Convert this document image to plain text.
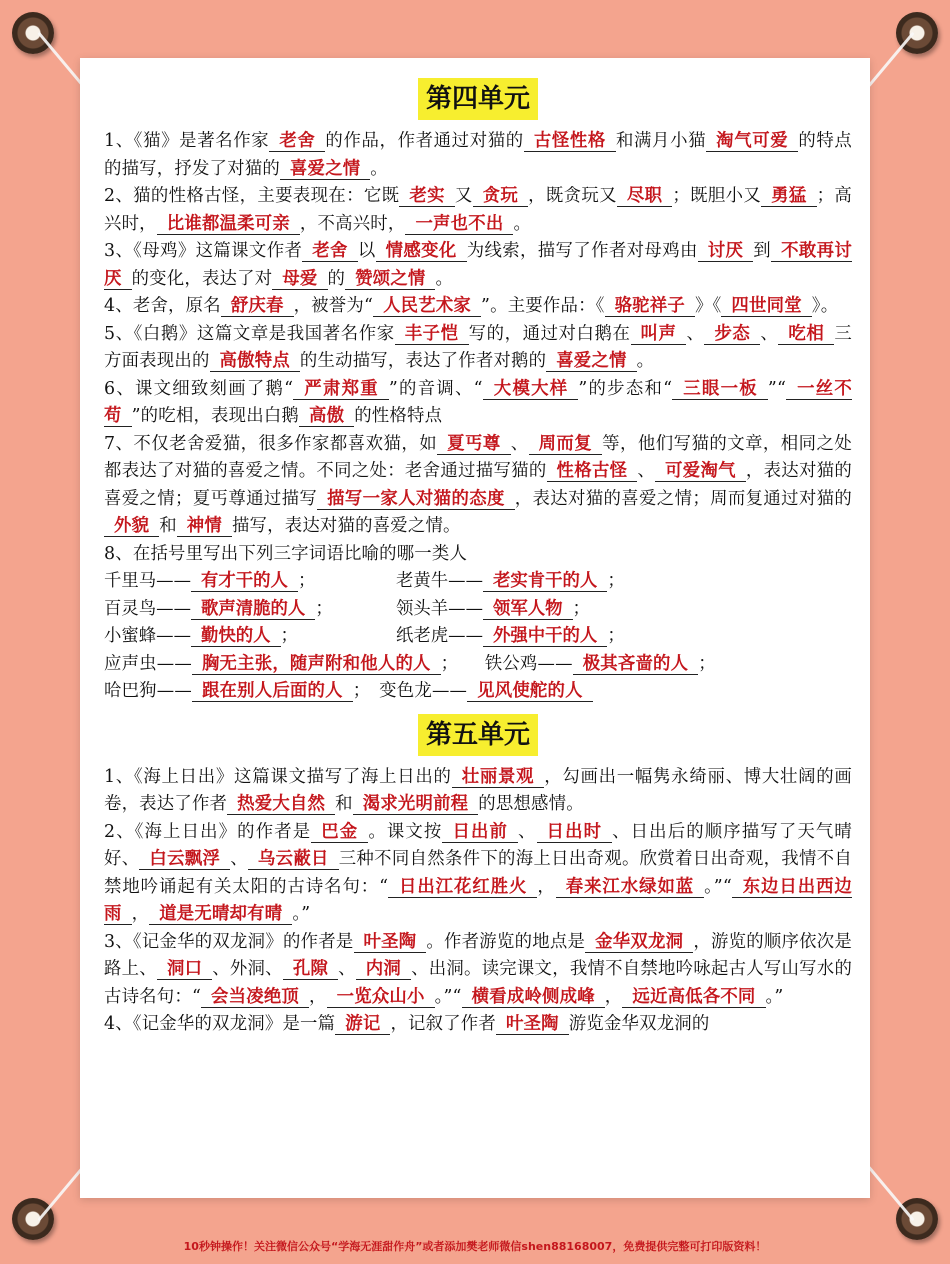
第四单元

1、《猫》是著名作家 老舍 的作品，作者通过对猫的 古怪性格 和满月小猫 淘气可爱 的特点的描写，抒发了对猫的 喜爱之情 。

2、猫的性格古怪，主要表现在：它既 老实 又 贪玩 ，既贪玩又 尽职 ；既胆小又 勇猛 ；高兴时， 比谁都温柔可亲 ，不高兴时， 一声也不出 。

3、《母鸡》这篇课文作者 老舍 以 情感变化 为线索，描写了作者对母鸡由 讨厌 到 不敢再讨厌 的变化，表达了对 母爱 的 赞颂之情 。

4、老舍，原名 舒庆春 ，被誉为“ 人民艺术家 ”。主要作品：《 骆驼祥子 》《 四世同堂 》。

5、《白鹅》这篇文章是我国著名作家 丰子恺 写的，通过对白鹅在 叫声 、 步态 、 吃相 三方面表现出的 高傲特点 的生动描写，表达了作者对鹅的 喜爱之情 。

6、课文细致刻画了鹅“ 严肃郑重 ”的音调、“ 大模大样 ”的步态和“ 三眼一板 ”“ 一丝不苟 ”的吃相，表现出白鹅 高傲 的性格特点

7、不仅老舍爱猫，很多作家都喜欢猫，如 夏丐尊 、 周而复 等，他们写猫的文章，相同之处都表达了对猫的喜爱之情。不同之处：老舍通过描写猫的 性格古怪 、 可爱淘气 ，表达对猫的喜爱之情；夏丐尊通过描写 描写一家人对猫的态度 ，表达对猫的喜爱之情；周而复通过对猫的外貌 和 神情 描写，表达对猫的喜爱之情。

8、在括号里写出下列三字词语比喻的哪一类人

千里马—— 有才干的人 ；	老黄牛—— 老实肯干的人 ；
百灵鸟—— 歌声清脆的人 ；	领头羊—— 领军人物 ；
小蜜蜂—— 勤快的人 ；	纸老虎—— 外强中干的人 ；

应声虫—— 胸无主张，随声附和他人的人 ；　　铁公鸡—— 极其吝啬的人 ；

哈巴狗—— 跟在别人后面的人 ；　变色龙—— 见风使舵的人

第五单元

1、《海上日出》这篇课文描写了海上日出的 壮丽景观 ，勾画出一幅隽永绮丽、博大壮阔的画卷，表达了作者 热爱大自然 和 渴求光明前程 的思想感情。

2、《海上日出》的作者是 巴金 。课文按 日出前 、 日出时 、日出后的顺序描写了天气晴好、 白云飘浮 、 乌云蔽日 三种不同自然条件下的海上日出奇观。欣赏着日出奇观，我情不自禁地吟诵起有关太阳的古诗名句：“ 日出江花红胜火 ， 春来江水绿如蓝 。”“ 东边日出西边雨 ， 道是无晴却有晴 。”

3、《记金华的双龙洞》的作者是 叶圣陶 。作者游览的地点是 金华双龙洞 ，游览的顺序依次是路上、 洞口 、外洞、 孔隙 、 内洞 、出洞。读完课文，我情不自禁地吟咏起古人写山写水的古诗名句：“ 会当凌绝顶 ， 一览众山小 。”“ 横看成岭侧成峰 ， 远近高低各不同 。”

4、《记金华的双龙洞》是一篇 游记 ，记叙了作者 叶圣陶 游览金华双龙洞的

10秒钟操作！关注微信公众号“学海无涯甜作舟”或者添加樊老师微信shen88168007，免费提供完整可打印版资料！
